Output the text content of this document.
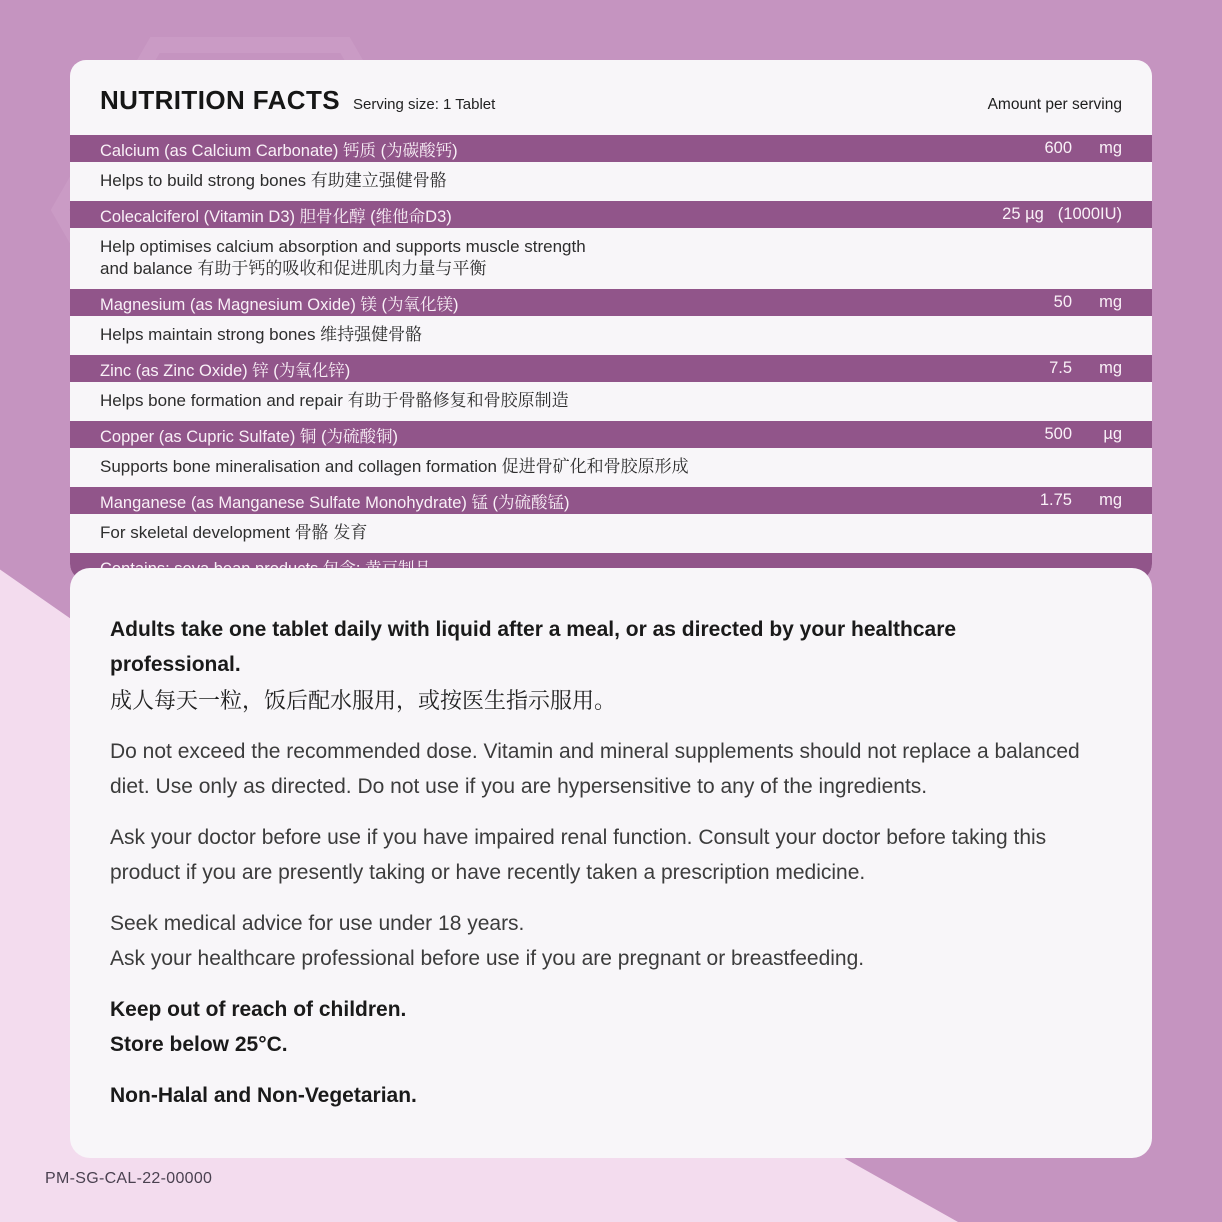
NUTRITION FACTS Serving size: 1 Tablet	Amount per serving
Calcium (as Calcium Carbonate) 钙质 (为碳酸钙)	600	mg
Helps to build strong bones 有助建立强健骨骼
Colecalciferol (Vitamin D3) 胆骨化醇 (维他命D3)	25 µg (1000IU)
Help optimises calcium absorption and supports muscle strength and balance 有助于钙的吸收和促进肌肉力量与平衡
Magnesium (as Magnesium Oxide) 镁 (为氧化镁)	50	mg
Helps maintain strong bones 维持强健骨骼
Zinc (as Zinc Oxide) 锌 (为氧化锌)	7.5	mg
Helps bone formation and repair 有助于骨骼修复和骨胶原制造
Copper (as Cupric Sulfate) 铜 (为硫酸铜)	500	µg
Supports bone mineralisation and collagen formation 促进骨矿化和骨胶原形成
Manganese (as Manganese Sulfate Monohydrate) 锰 (为硫酸锰)	1.75	mg
For skeletal development 骨骼 发育
Adults take one tablet daily with liquid after a meal, or as directed by your healthcare professional.
成人每天一粒，饭后配水服用，或按医生指示服用。
Do not exceed the recommended dose. Vitamin and mineral supplements should not replace a balanced diet. Use only as directed. Do not use if you are hypersensitive to any of the ingredients.
Ask your doctor before use if you have impaired renal function. Consult your doctor before taking this product if you are presently taking or have recently taken a prescription medicine.
Seek medical advice for use under 18 years.
Ask your healthcare professional before use if you are pregnant or breastfeeding.
Keep out of reach of children.
Store below 25°C.
Non-Halal and Non-Vegetarian.
PM-SG-CAL-22-00000
